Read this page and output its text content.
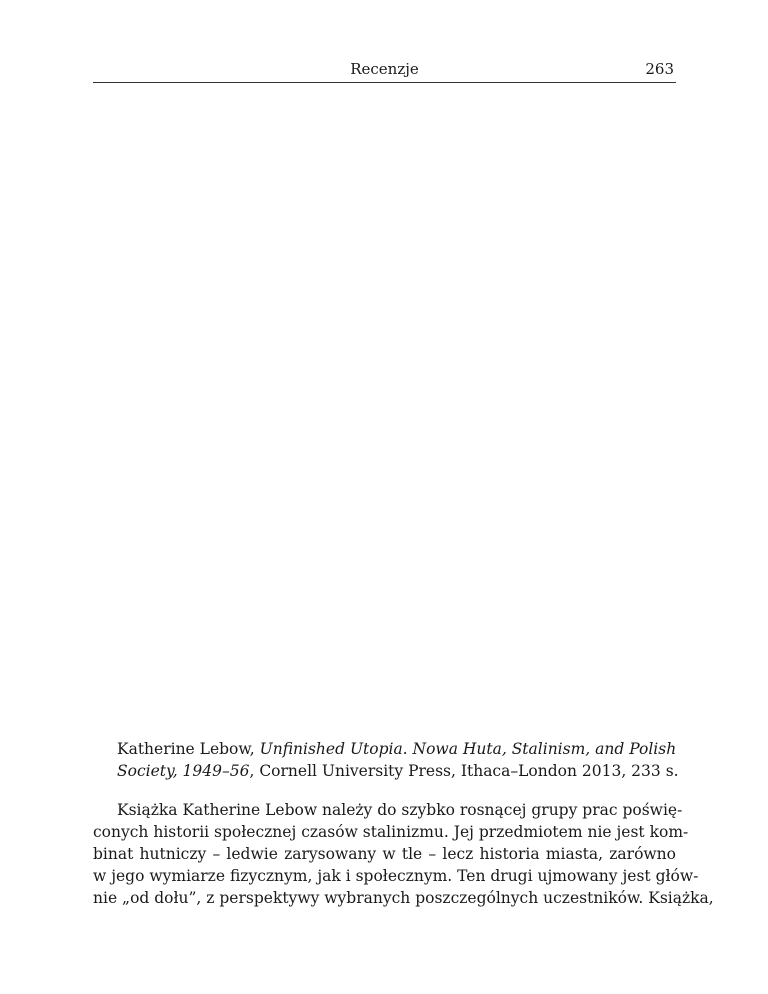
Recenzje	263
Katherine Lebow, Unfinished Utopia. Nowa Huta, Stalinism, and Polish
Society, 1949–56, Cornell University Press, Ithaca–London 2013, 233 s.
Książka Katherine Lebow należy do szybko rosnącej grupy prac poświę-
conych historii społecznej czasów stalinizmu. Jej przedmiotem nie jest kom-
binat hutniczy – ledwie zarysowany w tle – lecz historia miasta, zarówno
w jego wymiarze fizycznym, jak i społecznym. Ten drugi ujmowany jest głów-
nie „od dołu”, z perspektywy wybranych poszczególnych uczestników. Książka,
